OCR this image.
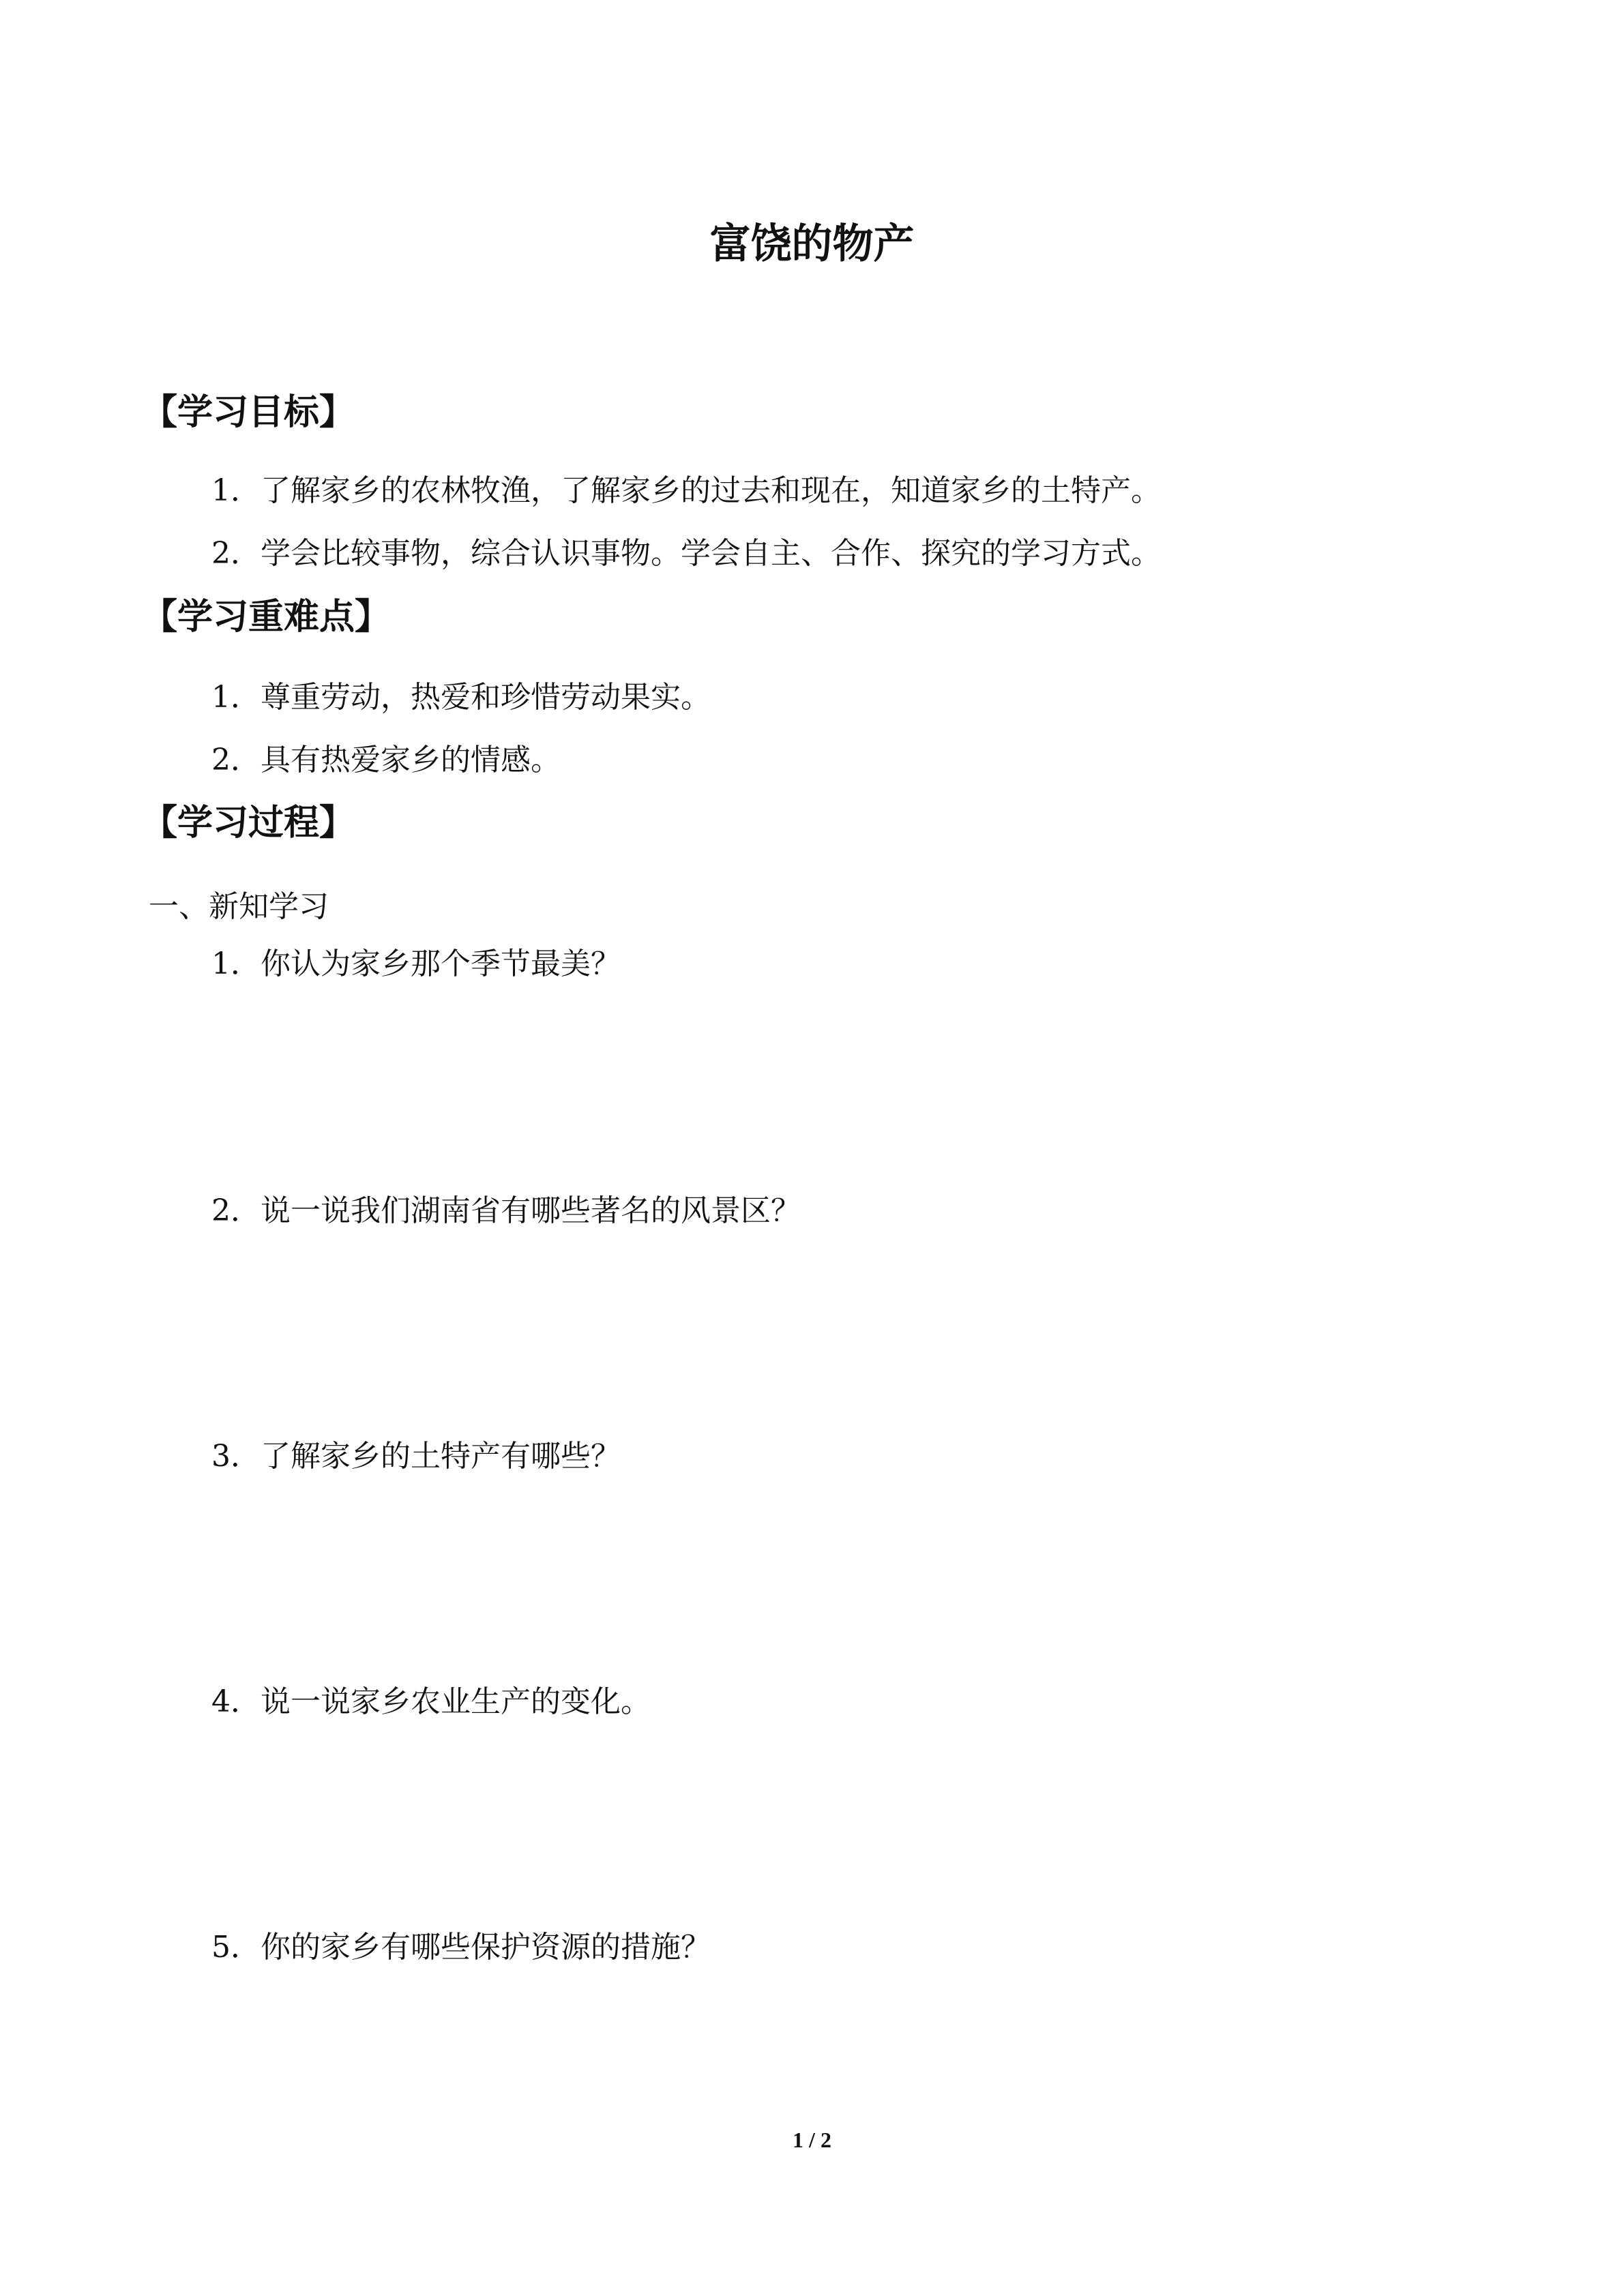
富饶的物产
【学习目标】
1．了解家乡的农林牧渔，了解家乡的过去和现在，知道家乡的土特产。
2．学会比较事物，综合认识事物。学会自主、合作、探究的学习方式。
【学习重难点】
1．尊重劳动，热爱和珍惜劳动果实。
2．具有热爱家乡的情感。
【学习过程】
一、新知学习
1．你认为家乡那个季节最美？
2．说一说我们湖南省有哪些著名的风景区？
3．了解家乡的土特产有哪些？
4．说一说家乡农业生产的变化。
5．你的家乡有哪些保护资源的措施？
1 / 2
